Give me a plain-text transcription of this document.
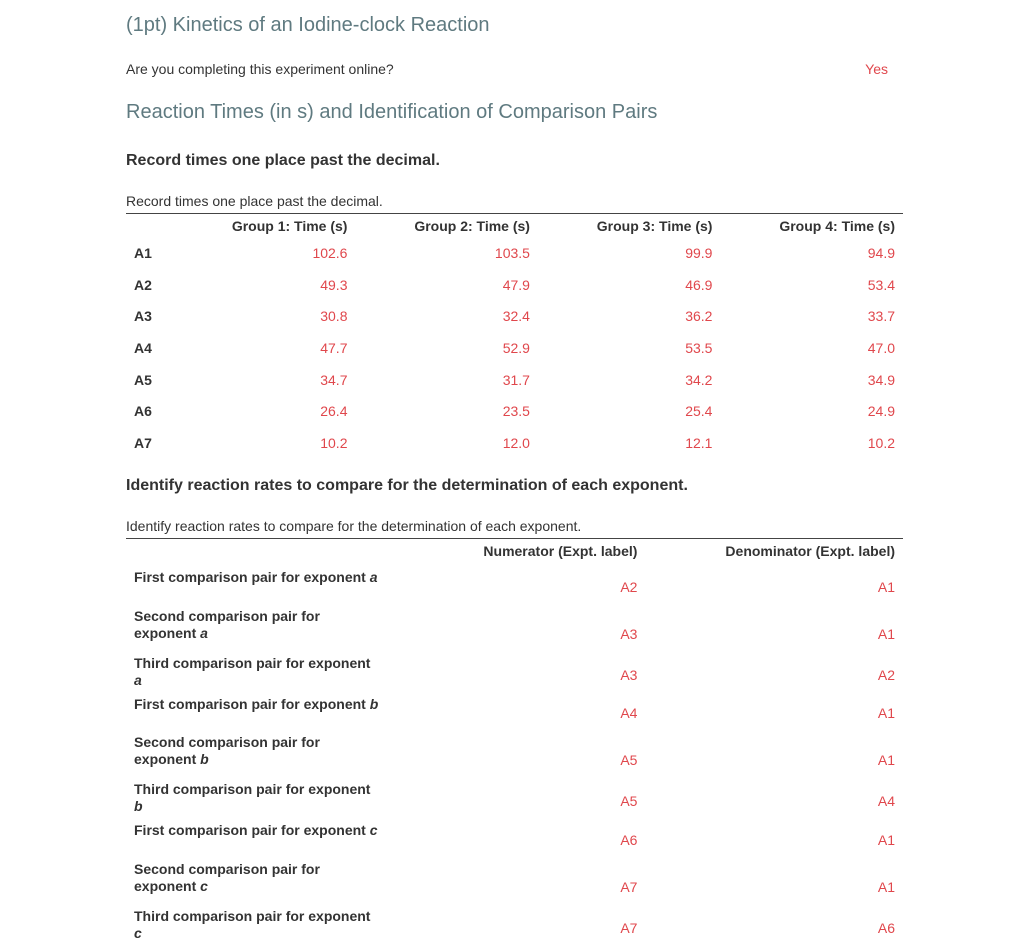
(1pt) Kinetics of an Iodine-clock Reaction
Are you completing this experiment online?	Yes
Reaction Times (in s) and Identification of Comparison Pairs
Record times one place past the decimal.
Record times one place past the decimal.
	Group 1: Time (s)	Group 2: Time (s)	Group 3: Time (s)	Group 4: Time (s)
A1	102.6	103.5	99.9	94.9
A2	49.3	47.9	46.9	53.4
A3	30.8	32.4	36.2	33.7
A4	47.7	52.9	53.5	47.0
A5	34.7	31.7	34.2	34.9
A6	26.4	23.5	25.4	24.9
A7	10.2	12.0	12.1	10.2
Identify reaction rates to compare for the determination of each exponent.
Identify reaction rates to compare for the determination of each exponent.
	Numerator (Expt. label)	Denominator (Expt. label)

First comparison pair for exponent a	A2	A1

Second comparison pair for exponent a	A3	A1

Third comparison pair for exponent a	A3	A2

First comparison pair for exponent b	A4	A1

Second comparison pair for exponent b	A5	A1

Third comparison pair for exponent b	A5	A4

First comparison pair for exponent c	A6	A1

Second comparison pair for exponent c	A7	A1

Third comparison pair for exponent c	A7	A6
